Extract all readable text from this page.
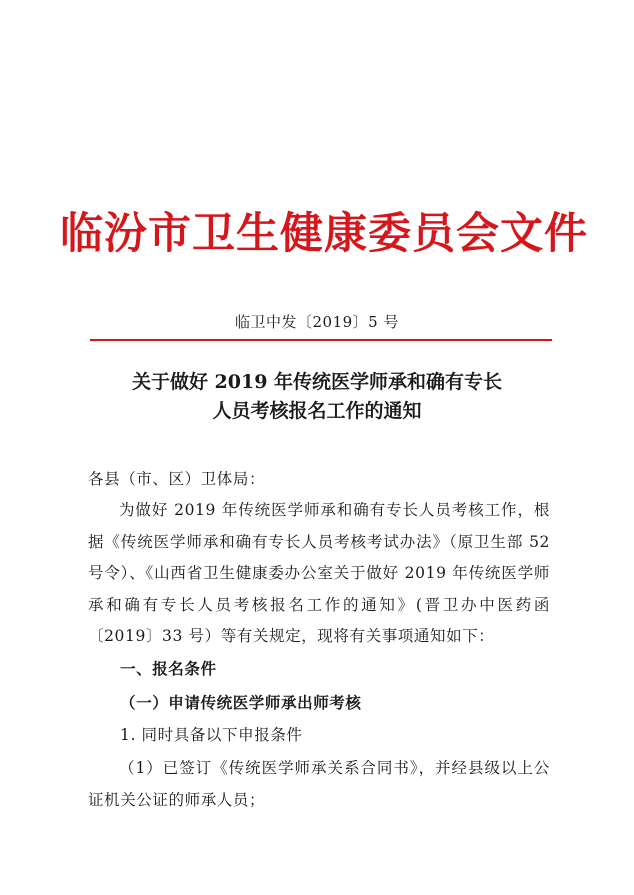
临汾市卫生健康委员会文件
临卫中发〔2019〕5 号
关于做好 2019 年传统医学师承和确有专长
人员考核报名工作的通知
各县（市、区）卫体局：
为做好 2019 年传统医学师承和确有专长人员考核工作，根据《传统医学师承和确有专长人员考核考试办法》（原卫生部 52 号令）、《山西省卫生健康委办公室关于做好 2019 年传统医学师承和确有专长人员考核报名工作的通知》(晋卫办中医药函〔2019〕33 号）等有关规定，现将有关事项通知如下：
一、报名条件
（一）申请传统医学师承出师考核
1. 同时具备以下申报条件
（1）已签订《传统医学师承关系合同书》，并经县级以上公证机关公证的师承人员；
